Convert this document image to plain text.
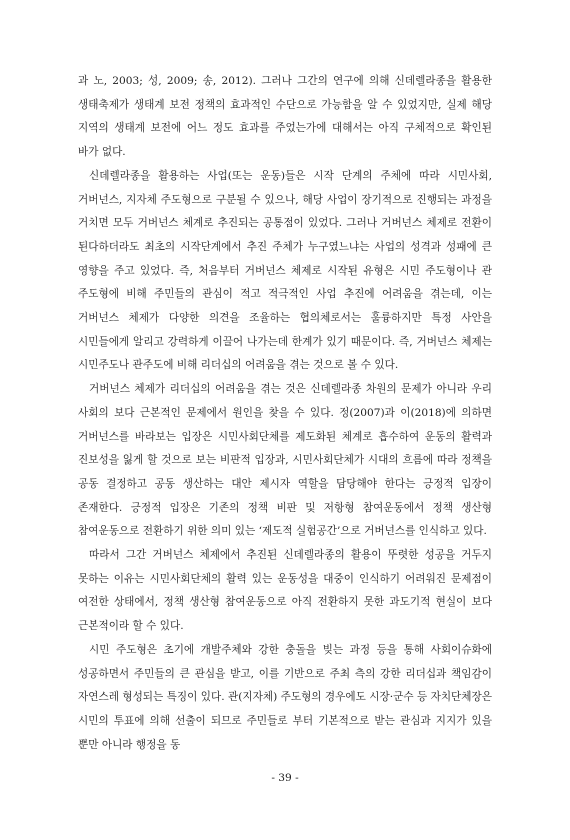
과 노, 2003; 성, 2009; 송, 2012). 그러나 그간의 연구에 의해 신데렐라종을 활용한 생태축제가 생태계 보전 정책의 효과적인 수단으로 가능함을 알 수 있었지만, 실제 해당 지역의 생태계 보전에 어느 정도 효과를 주었는가에 대해서는 아직 구체적으로 확인된 바가 없다.

신데렐라종을 활용하는 사업(또는 운동)들은 시작 단계의 주체에 따라 시민사회, 거버넌스, 지자체 주도형으로 구분될 수 있으나, 해당 사업이 장기적으로 진행되는 과정을 거치면 모두 거버넌스 체계로 추진되는 공통점이 있었다. 그러나 거버넌스 체제로 전환이 된다하더라도 최초의 시작단계에서 추진 주체가 누구였느냐는 사업의 성격과 성패에 큰 영향을 주고 있었다. 즉, 처음부터 거버넌스 체제로 시작된 유형은 시민 주도형이나 관 주도형에 비해 주민들의 관심이 적고 적극적인 사업 추진에 어려움을 겪는데, 이는 거버넌스 체제가 다양한 의견을 조율하는 협의체로서는 훌륭하지만 특정 사안을 시민들에게 알리고 강력하게 이끌어 나가는데 한계가 있기 때문이다. 즉, 거버넌스 체제는 시민주도나 관주도에 비해 리더십의 어려움을 겪는 것으로 볼 수 있다.

거버넌스 체제가 리더십의 어려움을 겪는 것은 신데렐라종 차원의 문제가 아니라 우리 사회의 보다 근본적인 문제에서 원인을 찾을 수 있다. 정(2007)과 이(2018)에 의하면 거버넌스를 바라보는 입장은 시민사회단체를 제도화된 체계로 흡수하여 운동의 활력과 진보성을 잃게 할 것으로 보는 비판적 입장과, 시민사회단체가 시대의 흐름에 따라 정책을 공동 결정하고 공동 생산하는 대안 제시자 역할을 담당해야 한다는 긍정적 입장이 존재한다. 긍정적 입장은 기존의 정책 비판 및 저항형 참여운동에서 정책 생산형 참여운동으로 전환하기 위한 의미 있는 ‘제도적 실험공간’으로 거버넌스를 인식하고 있다.

따라서 그간 거버넌스 체제에서 추진된 신데렐라종의 활용이 뚜렷한 성공을 거두지 못하는 이유는 시민사회단체의 활력 있는 운동성을 대중이 인식하기 어려워진 문제점이 여전한 상태에서, 정책 생산형 참여운동으로 아직 전환하지 못한 과도기적 현실이 보다 근본적이라 할 수 있다.

시민 주도형은 초기에 개발주체와 강한 충돌을 빚는 과정 등을 통해 사회이슈화에 성공하면서 주민들의 큰 관심을 받고, 이를 기반으로 주최 측의 강한 리더십과 책임감이 자연스레 형성되는 특징이 있다. 관(지자체) 주도형의 경우에도 시장·군수 등 자치단체장은 시민의 투표에 의해 선출이 되므로 주민들로 부터 기본적으로 받는 관심과 지지가 있을 뿐만 아니라 행정을 동

- 39 -
